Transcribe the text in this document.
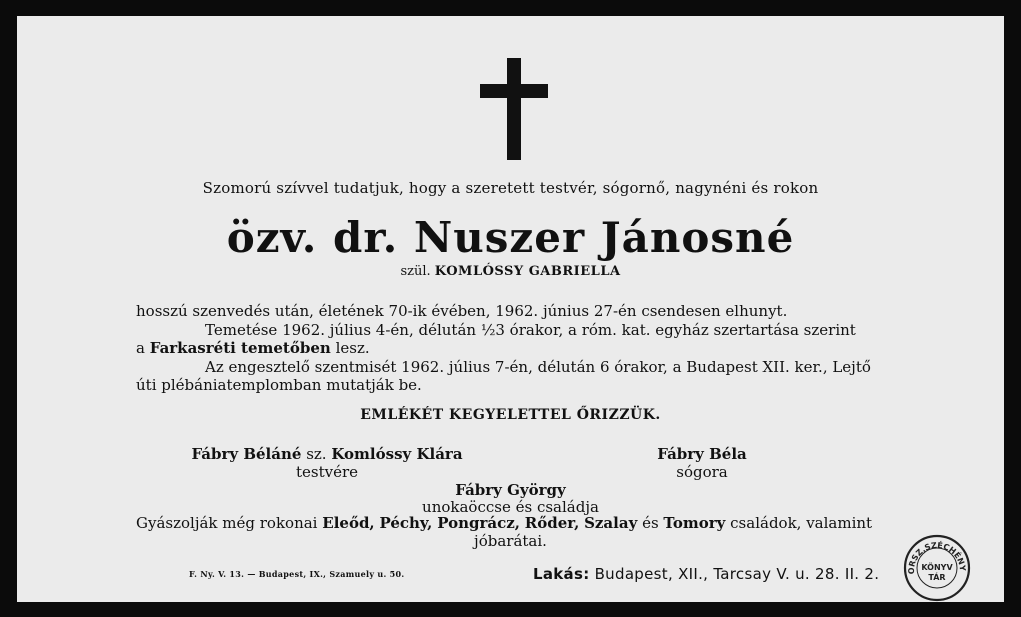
Szomorú szívvel tudatjuk, hogy a szeretett testvér, sógornő, nagynéni és rokon
özv. dr. Nuszer Jánosné
szül. KOMLÓSSY GABRIELLA
hosszú szenvedés után, életének 70-ik évében, 1962. június 27-én csendesen elhunyt.
Temetése 1962. július 4-én, délután ½3 órakor, a róm. kat. egyház szertartása szerint
a Farkasréti temetőben lesz.
Az engesztelő szentmisét 1962. július 7-én, délután 6 órakor, a Budapest XII. ker., Lejtő
úti plébániatemplomban mutatják be.
EMLÉKÉT KEGYELETTEL ŐRIZZÜK.
Fábry Béláné sz. Komlóssy Klára
testvére
Fábry Béla
sógora
Fábry György
unokaöccse és családja
Gyászolják még rokonai Eleőd, Péchy, Pongrácz, Rőder, Szalay és Tomory családok, valamint
jóbarátai.
F. Ny. V. 13. — Budapest, IX., Szamuely u. 50.	Lakás: Budapest, XII., Tarcsay V. u. 28. II. 2.	ORSZ.SZÉCHÉNY
KÖNYV
TÁR
